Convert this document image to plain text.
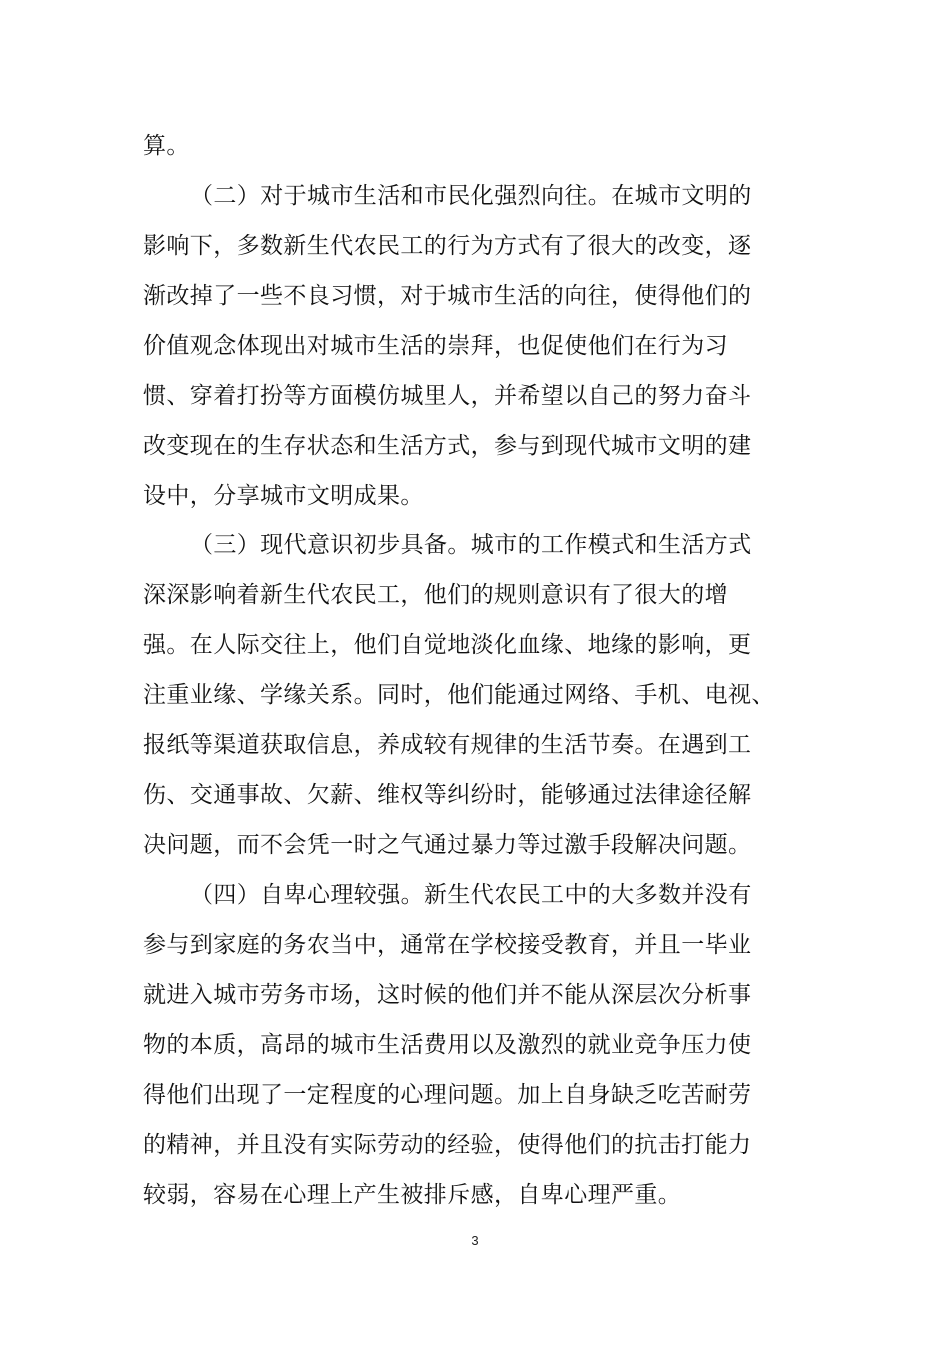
算。
（二）对于城市生活和市民化强烈向往。在城市文明的
影响下，多数新生代农民工的行为方式有了很大的改变，逐
渐改掉了一些不良习惯，对于城市生活的向往，使得他们的
价值观念体现出对城市生活的崇拜，也促使他们在行为习
惯、穿着打扮等方面模仿城里人，并希望以自己的努力奋斗
改变现在的生存状态和生活方式，参与到现代城市文明的建
设中，分享城市文明成果。
（三）现代意识初步具备。城市的工作模式和生活方式
深深影响着新生代农民工，他们的规则意识有了很大的增
强。在人际交往上，他们自觉地淡化血缘、地缘的影响，更
注重业缘、学缘关系。同时，他们能通过网络、手机、电视、
报纸等渠道获取信息，养成较有规律的生活节奏。在遇到工
伤、交通事故、欠薪、维权等纠纷时，能够通过法律途径解
决问题，而不会凭一时之气通过暴力等过激手段解决问题。
（四）自卑心理较强。新生代农民工中的大多数并没有
参与到家庭的务农当中，通常在学校接受教育，并且一毕业
就进入城市劳务市场，这时候的他们并不能从深层次分析事
物的本质，高昂的城市生活费用以及激烈的就业竞争压力使
得他们出现了一定程度的心理问题。加上自身缺乏吃苦耐劳
的精神，并且没有实际劳动的经验，使得他们的抗击打能力
较弱，容易在心理上产生被排斥感，自卑心理严重。
3
